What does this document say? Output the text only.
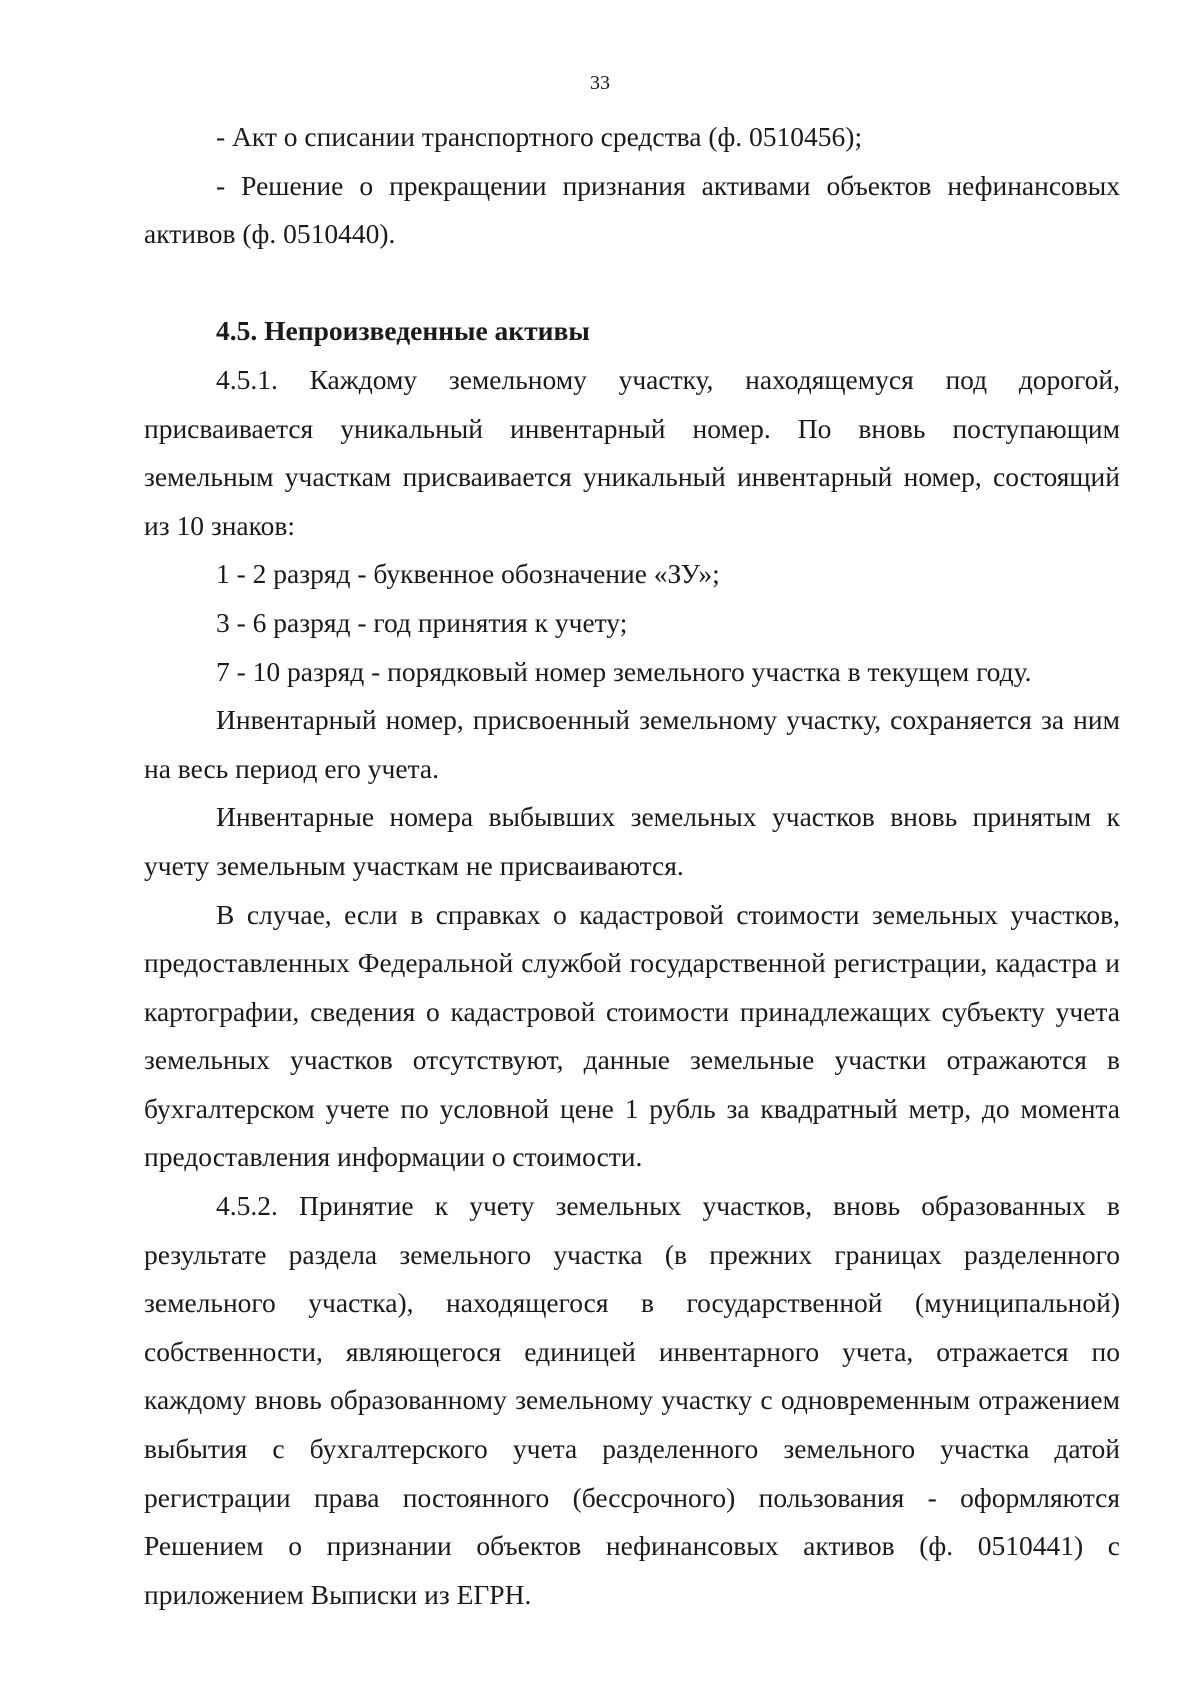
33

- Акт о списании транспортного средства (ф. 0510456);

- Решение о прекращении признания активами объектов нефинансовых активов (ф. 0510440).

4.5. Непроизведенные активы

4.5.1. Каждому земельному участку, находящемуся под дорогой, присваивается уникальный инвентарный номер. По вновь поступающим земельным участкам присваивается уникальный инвентарный номер, состоящий из 10 знаков:

1 - 2 разряд - буквенное обозначение «ЗУ»;

3 - 6 разряд - год принятия к учету;

7 - 10 разряд - порядковый номер земельного участка в текущем году.

Инвентарный номер, присвоенный земельному участку, сохраняется за ним на весь период его учета.

Инвентарные номера выбывших земельных участков вновь принятым к учету земельным участкам не присваиваются.

В случае, если в справках о кадастровой стоимости земельных участков, предоставленных Федеральной службой государственной регистрации, кадастра и картографии, сведения о кадастровой стоимости принадлежащих субъекту учета земельных участков отсутствуют, данные земельные участки отражаются в бухгалтерском учете по условной цене 1 рубль за квадратный метр, до момента предоставления информации о стоимости.

4.5.2. Принятие к учету земельных участков, вновь образованных в результате раздела земельного участка (в прежних границах разделенного земельного участка), находящегося в государственной (муниципальной) собственности, являющегося единицей инвентарного учета, отражается по каждому вновь образованному земельному участку с одновременным отражением выбытия с бухгалтерского учета разделенного земельного участка датой регистрации права постоянного (бессрочного) пользования - оформляются Решением о признании объектов нефинансовых активов (ф. 0510441) с приложением Выписки из ЕГРН.
